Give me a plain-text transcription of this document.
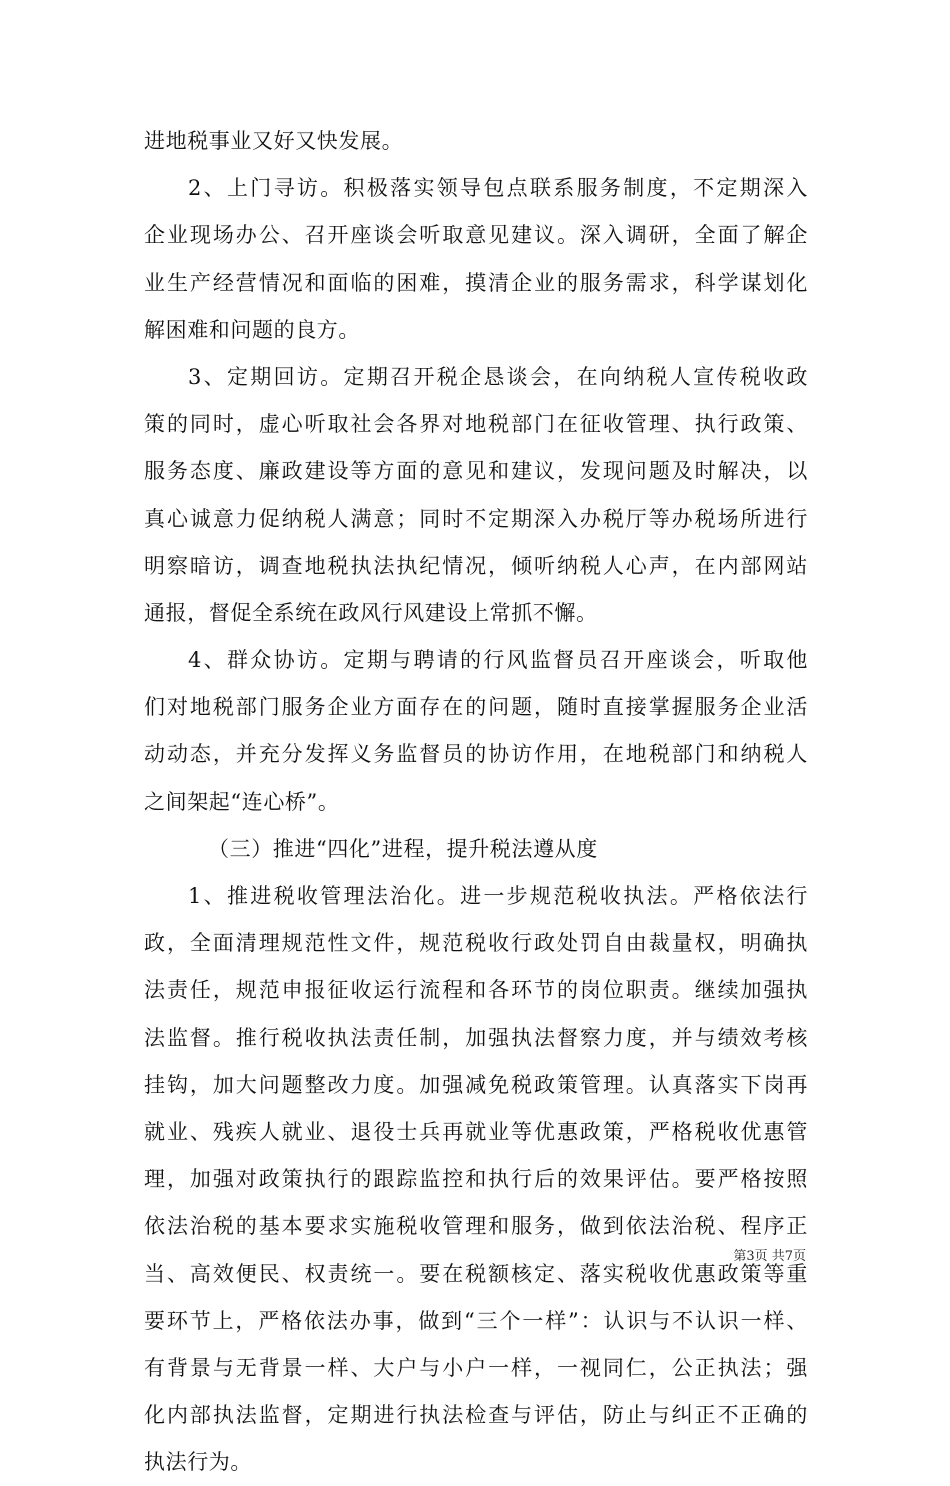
进地税事业又好又快发展。
2、上门寻访。积极落实领导包点联系服务制度，不定期深入
企业现场办公、召开座谈会听取意见建议。深入调研，全面了解企
业生产经营情况和面临的困难，摸清企业的服务需求，科学谋划化
解困难和问题的良方。
3、定期回访。定期召开税企恳谈会，在向纳税人宣传税收政
策的同时，虚心听取社会各界对地税部门在征收管理、执行政策、
服务态度、廉政建设等方面的意见和建议，发现问题及时解决，以
真心诚意力促纳税人满意；同时不定期深入办税厅等办税场所进行
明察暗访，调查地税执法执纪情况，倾听纳税人心声，在内部网站
通报，督促全系统在政风行风建设上常抓不懈。
4、群众协访。定期与聘请的行风监督员召开座谈会，听取他
们对地税部门服务企业方面存在的问题，随时直接掌握服务企业活
动动态，并充分发挥义务监督员的协访作用，在地税部门和纳税人
之间架起“连心桥”。
（三）推进“四化”进程，提升税法遵从度
1、推进税收管理法治化。进一步规范税收执法。严格依法行
政，全面清理规范性文件，规范税收行政处罚自由裁量权，明确执
法责任，规范申报征收运行流程和各环节的岗位职责。继续加强执
法监督。推行税收执法责任制，加强执法督察力度，并与绩效考核
挂钩，加大问题整改力度。加强减免税政策管理。认真落实下岗再
就业、残疾人就业、退役士兵再就业等优惠政策，严格税收优惠管
理，加强对政策执行的跟踪监控和执行后的效果评估。要严格按照
依法治税的基本要求实施税收管理和服务，做到依法治税、程序正
当、高效便民、权责统一。要在税额核定、落实税收优惠政策等重
要环节上，严格依法办事，做到“三个一样”：认识与不认识一样、
有背景与无背景一样、大户与小户一样，一视同仁，公正执法；强
化内部执法监督，定期进行执法检查与评估，防止与纠正不正确的
执法行为。
第3页 共7页
